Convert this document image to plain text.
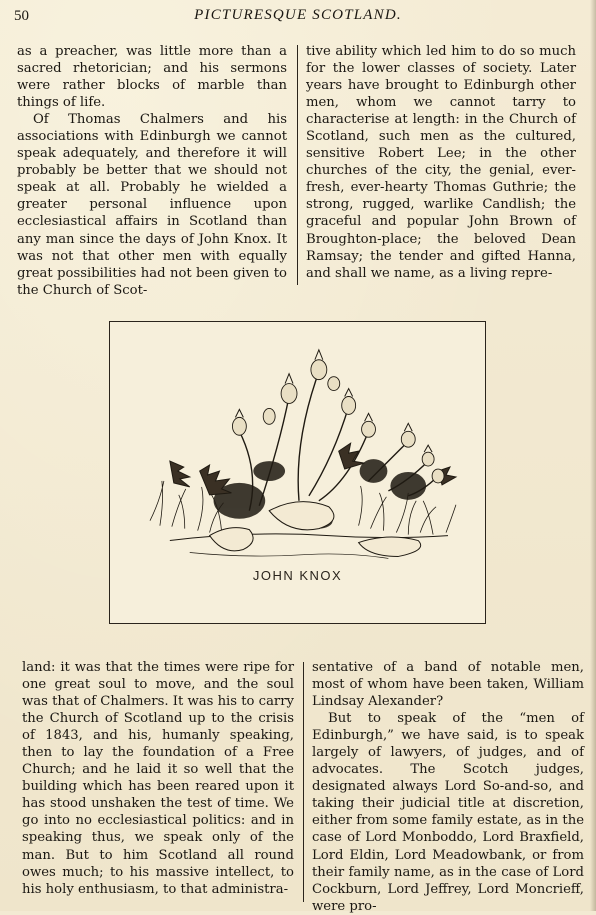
50	PICTURESQUE SCOTLAND.

as a preacher, was little more than a sacred rhetorician; and his sermons were rather blocks of marble than things of life.

Of Thomas Chalmers and his associations with Edinburgh we cannot speak adequately, and therefore it will probably be better that we should not speak at all. Probably he wielded a greater personal influence upon ecclesiastical affairs in Scotland than any man since the days of John Knox. It was not that other men with equally great possibilities had not been given to the Church of Scot-

tive ability which led him to do so much for the lower classes of society. Later years have brought to Edinburgh other men, whom we cannot tarry to characterise at length: in the Church of Scotland, such men as the cultured, sensitive Robert Lee; in the other churches of the city, the genial, ever-fresh, ever-hearty Thomas Guthrie; the strong, rugged, warlike Candlish; the graceful and popular John Brown of Broughton-place; the beloved Dean Ramsay; the tender and gifted Hanna, and shall we name, as a living repre-

JOHN KNOX

land: it was that the times were ripe for one great soul to move, and the soul was that of Chalmers. It was his to carry the Church of Scotland up to the crisis of 1843, and his, humanly speaking, then to lay the foundation of a Free Church; and he laid it so well that the building which has been reared upon it has stood unshaken the test of time. We go into no ecclesiastical politics: and in speaking thus, we speak only of the man. But to him Scotland all round owes much; to his massive intellect, to his holy enthusiasm, to that administra-

sentative of a band of notable men, most of whom have been taken, William Lindsay Alexander?

But to speak of the “men of Edinburgh,” we have said, is to speak largely of lawyers, of judges, and of advocates. The Scotch judges, designated always Lord So-and-so, and taking their judicial title at discretion, either from some family estate, as in the case of Lord Monboddo, Lord Braxfield, Lord Eldin, Lord Meadowbank, or from their family name, as in the case of Lord Cockburn, Lord Jeffrey, Lord Moncrieff, were pro-
